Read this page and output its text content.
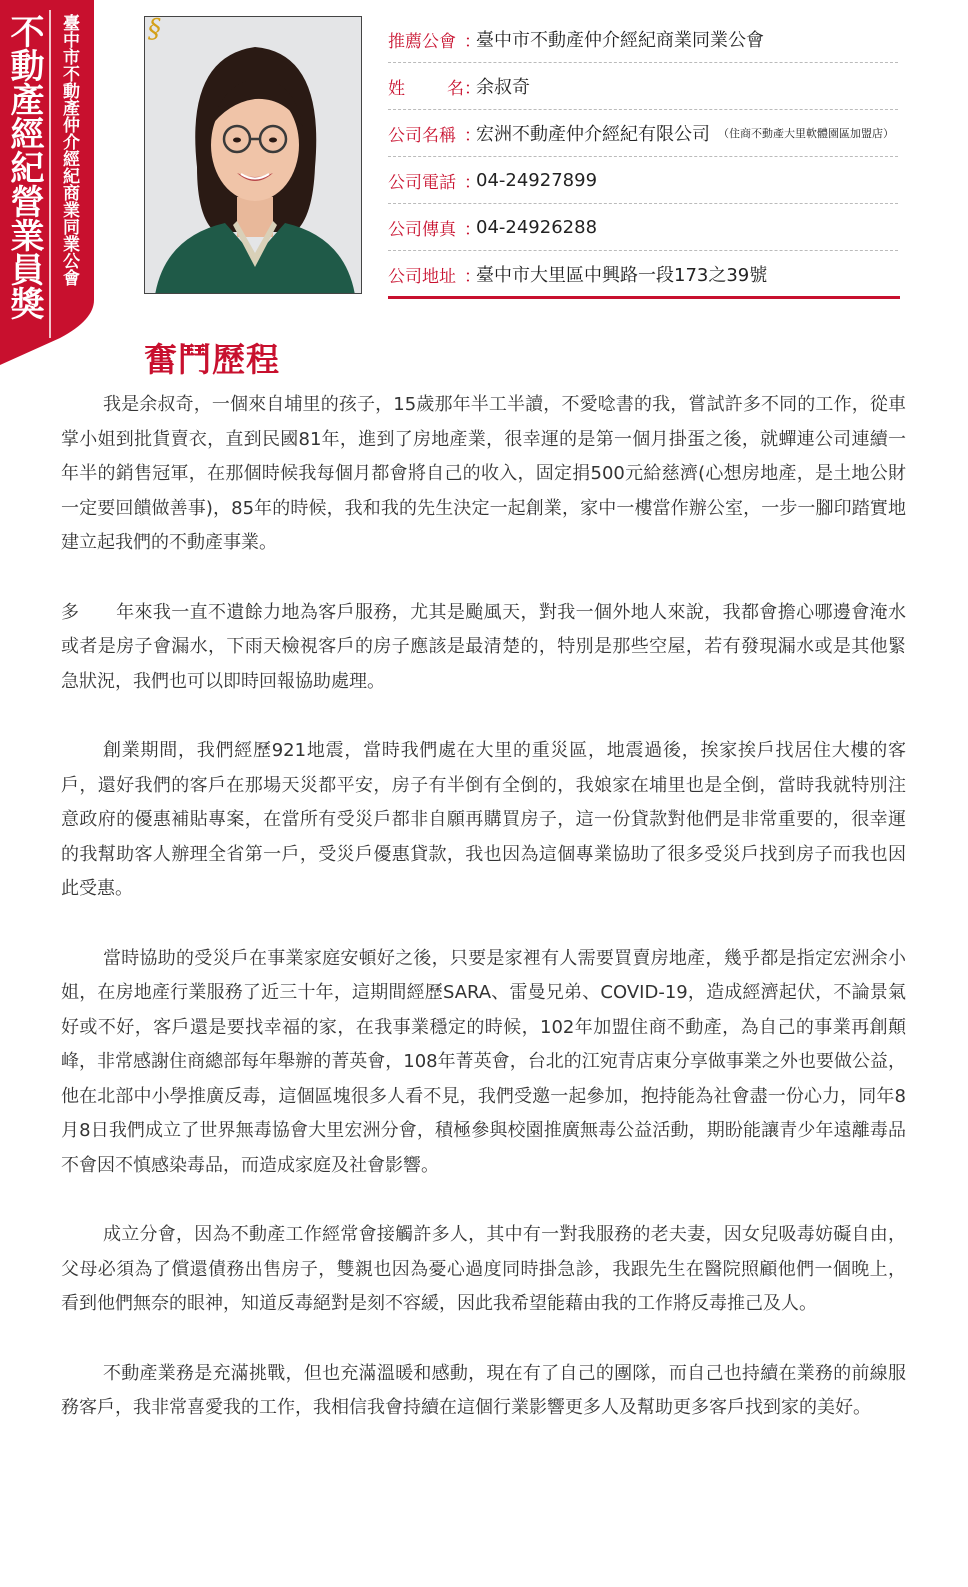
不動產經紀營業員獎 臺中市不動產仲介經紀商業同業公會	§	推薦公會 ：
臺中市不動產仲介經紀商業同業公會
姓 名 ：
余叔奇
公司名稱 ：
宏洲不動產仲介經紀有限公司 （住商不動產大里軟體園區加盟店）
公司電話 ：
04-24927899
公司傳真 ：
04-24926288
公司地址 ：
臺中市大里區中興路一段173之39號
奮鬥歷程

我是余叔奇，一個來自埔里的孩子，15歲那年半工半讀，不愛唸書的我，嘗試許多不同的工作，從車掌小姐到批貨賣衣，直到民國81年，進到了房地產業，很幸運的是第一個月掛蛋之後，就蟬連公司連續一年半的銷售冠軍，在那個時候我每個月都會將自己的收入，固定捐500元給慈濟(心想房地產，是土地公財一定要回饋做善事)，85年的時候，我和我的先生決定一起創業，家中一樓當作辦公室，一步一腳印踏實地建立起我們的不動產事業。

多　　年來我一直不遺餘力地為客戶服務，尤其是颱風天，對我一個外地人來說，我都會擔心哪邊會淹水或者是房子會漏水，下雨天檢視客戶的房子應該是最清楚的，特別是那些空屋，若有發現漏水或是其他緊急狀況，我們也可以即時回報協助處理。

創業期間，我們經歷921地震，當時我們處在大里的重災區，地震過後，挨家挨戶找居住大樓的客戶，還好我們的客戶在那場天災都平安，房子有半倒有全倒的，我娘家在埔里也是全倒，當時我就特別注意政府的優惠補貼專案，在當所有受災戶都非自願再購買房子，這一份貸款對他們是非常重要的，很幸運的我幫助客人辦理全省第一戶，受災戶優惠貸款，我也因為這個專業協助了很多受災戶找到房子而我也因此受惠。

當時協助的受災戶在事業家庭安頓好之後，只要是家裡有人需要買賣房地產，幾乎都是指定宏洲余小姐，在房地產行業服務了近三十年，這期間經歷SARA、雷曼兄弟、COVID-19，造成經濟起伏，不論景氣好或不好，客戶還是要找幸福的家，在我事業穩定的時候，102年加盟住商不動產，為自己的事業再創顛峰，非常感謝住商總部每年舉辦的菁英會，108年菁英會，台北的江宛青店東分享做事業之外也要做公益，他在北部中小學推廣反毒，這個區塊很多人看不見，我們受邀一起參加，抱持能為社會盡一份心力，同年8月8日我們成立了世界無毒協會大里宏洲分會，積極參與校園推廣無毒公益活動，期盼能讓青少年遠離毒品不會因不慎感染毒品，而造成家庭及社會影響。

成立分會，因為不動產工作經常會接觸許多人，其中有一對我服務的老夫妻，因女兒吸毒妨礙自由，父母必須為了償還債務出售房子，雙親也因為憂心過度同時掛急診，我跟先生在醫院照顧他們一個晚上，看到他們無奈的眼神，知道反毒絕對是刻不容緩，因此我希望能藉由我的工作將反毒推己及人。

不動產業務是充滿挑戰，但也充滿溫暖和感動，現在有了自己的團隊，而自己也持續在業務的前線服務客戶，我非常喜愛我的工作，我相信我會持續在這個行業影響更多人及幫助更多客戶找到家的美好。
